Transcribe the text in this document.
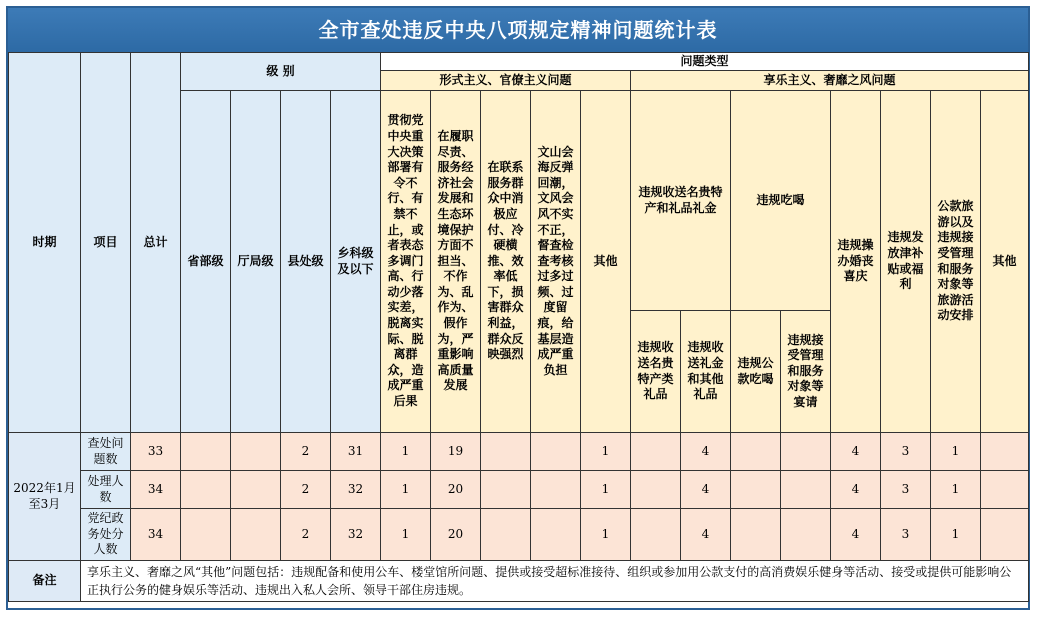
全市查处违反中央八项规定精神问题统计表
时期	项目	总计	级 别				问题类型												
							形式主义、官僚主义问题					享乐主义、奢靡之风问题							
			省部级	厅局级	县处级	乡科级及以下	贯彻党中央重大决策部署有令不行、有禁不止，或者表态多调门高、行动少落实差，脱离实际、脱离群众，造成严重后果	在履职尽责、服务经济社会发展和生态环境保护方面不担当、不作为、乱作为、假作为，严重影响高质量发展	在联系服务群众中消极应付、冷硬横推、效率低下，损害群众利益，群众反映强烈	文山会海反弹回潮，文风会风不实不正，督查检查考核过多过频、过度留痕，给基层造成严重负担	其他	违规收送名贵特产和礼品礼金		违规吃喝		违规操办婚丧喜庆	违规发放津补贴或福利	公款旅游以及违规接受管理和服务对象等旅游活动安排	其他
												违规收送名贵特产类礼品	违规收送礼金和其他礼品	违规公款吃喝	违规接受管理和服务对象等宴请				
2022年1月至3月	查处问题数	33			2	31	1	19			1		4			4	3	1	
	处理人数	34			2	32	1	20			1		4			4	3	1	
	党纪政务处分人数	34			2	32	1	20			1		4			4	3	1	
备注	享乐主义、奢靡之风“其他”问题包括：违规配备和使用公车、楼堂馆所问题、提供或接受超标准接待、组织或参加用公款支付的高消费娱乐健身等活动、接受或提供可能影响公正执行公务的健身娱乐等活动、违规出入私人会所、领导干部住房违规。																		
